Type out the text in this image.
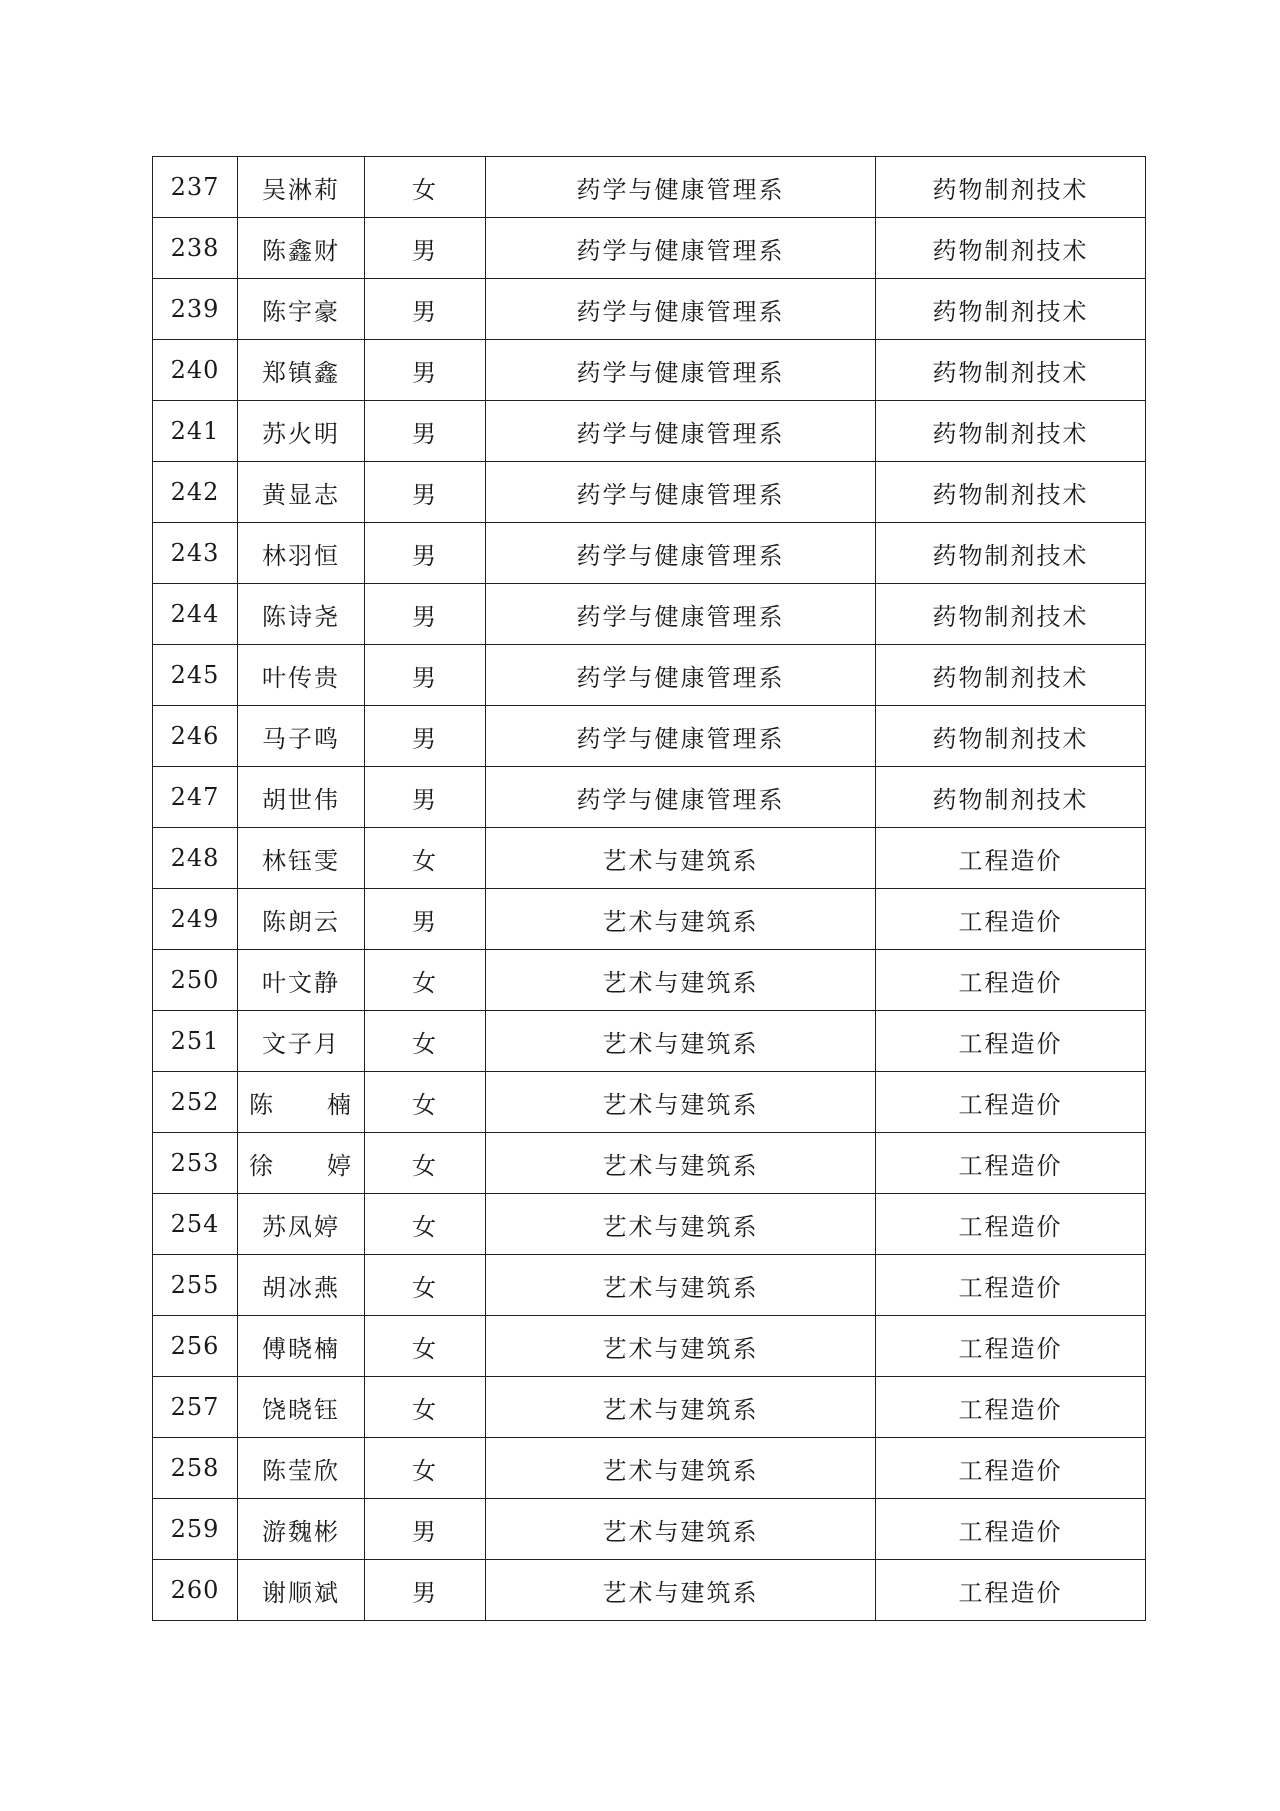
237	吴淋莉	女	药学与健康管理系	药物制剂技术
238	陈鑫财	男	药学与健康管理系	药物制剂技术
239	陈宇豪	男	药学与健康管理系	药物制剂技术
240	郑镇鑫	男	药学与健康管理系	药物制剂技术
241	苏火明	男	药学与健康管理系	药物制剂技术
242	黄显志	男	药学与健康管理系	药物制剂技术
243	林羽恒	男	药学与健康管理系	药物制剂技术
244	陈诗尧	男	药学与健康管理系	药物制剂技术
245	叶传贵	男	药学与健康管理系	药物制剂技术
246	马子鸣	男	药学与健康管理系	药物制剂技术
247	胡世伟	男	药学与健康管理系	药物制剂技术
248	林钰雯	女	艺术与建筑系	工程造价
249	陈朗云	男	艺术与建筑系	工程造价
250	叶文静	女	艺术与建筑系	工程造价
251	文子月	女	艺术与建筑系	工程造价
252	陈　　楠	女	艺术与建筑系	工程造价
253	徐　　婷	女	艺术与建筑系	工程造价
254	苏凤婷	女	艺术与建筑系	工程造价
255	胡冰燕	女	艺术与建筑系	工程造价
256	傅晓楠	女	艺术与建筑系	工程造价
257	饶晓钰	女	艺术与建筑系	工程造价
258	陈莹欣	女	艺术与建筑系	工程造价
259	游魏彬	男	艺术与建筑系	工程造价
260	谢顺斌	男	艺术与建筑系	工程造价
